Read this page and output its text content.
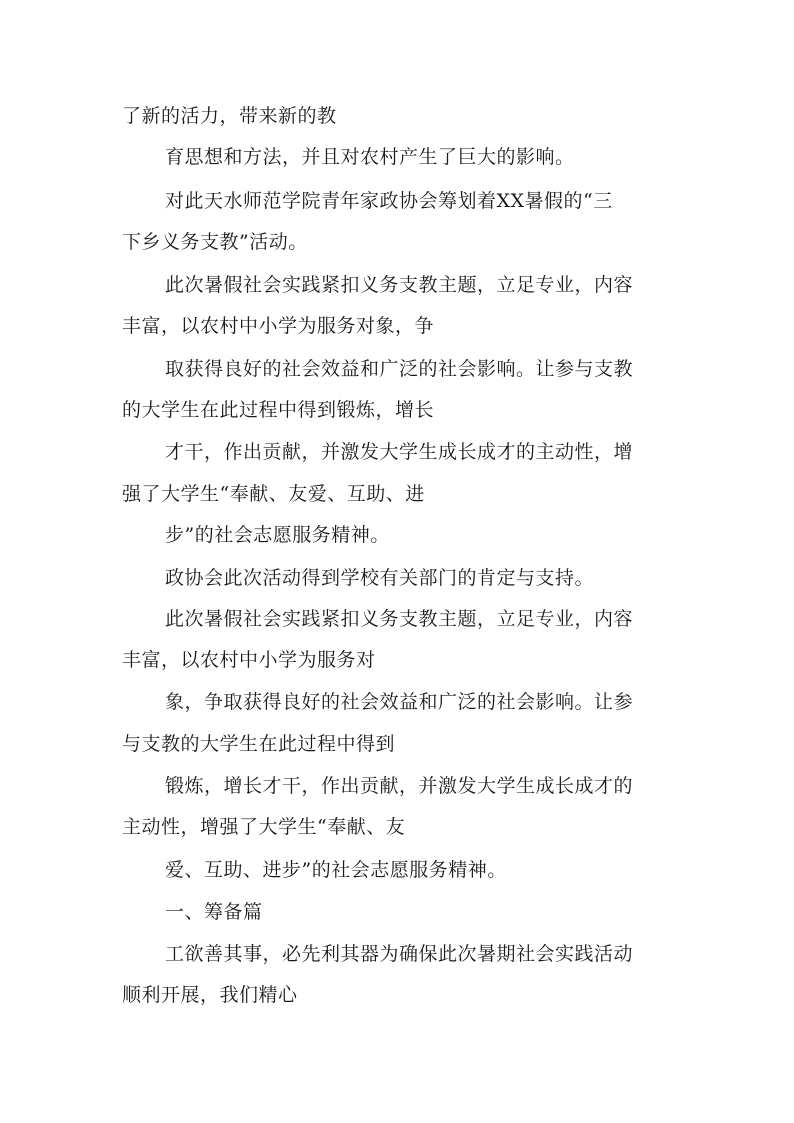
了新的活力，带来新的教
育思想和方法，并且对农村产生了巨大的影响。
对此天水师范学院青年家政协会筹划着XX暑假的“三
下乡义务支教”活动。
此次暑假社会实践紧扣义务支教主题，立足专业，内容
丰富，以农村中小学为服务对象，争
取获得良好的社会效益和广泛的社会影响。让参与支教
的大学生在此过程中得到锻炼，增长
才干，作出贡献，并激发大学生成长成才的主动性，增
强了大学生“奉献、友爱、互助、进
步”的社会志愿服务精神。
政协会此次活动得到学校有关部门的肯定与支持。
此次暑假社会实践紧扣义务支教主题，立足专业，内容
丰富，以农村中小学为服务对
象，争取获得良好的社会效益和广泛的社会影响。让参
与支教的大学生在此过程中得到
锻炼，增长才干，作出贡献，并激发大学生成长成才的
主动性，增强了大学生“奉献、友
爱、互助、进步”的社会志愿服务精神。
一、筹备篇
工欲善其事，必先利其器为确保此次暑期社会实践活动
顺利开展，我们精心
